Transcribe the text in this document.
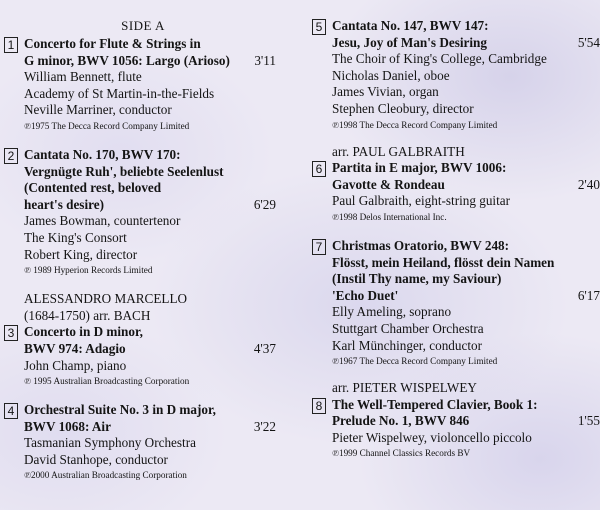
SIDE A
1 Concerto for Flute & Strings in
G minor, BWV 1056: Largo (Arioso) 3'11
William Bennett, flute
Academy of St Martin-in-the-Fields
Neville Marriner, conductor
℗1975 The Decca Record Company Limited
2 Cantata No. 170, BWV 170:
Vergnügte Ruh', beliebte Seelenlust
(Contented rest, beloved
heart's desire)	6'29
James Bowman, countertenor
The King's Consort
Robert King, director
℗ 1989 Hyperion Records Limited
ALESSANDRO MARCELLO
(1684-1750) arr. BACH
3 Concerto in D minor,
BWV 974: Adagio	4'37
John Champ, piano
℗ 1995 Australian Broadcasting Corporation
4 Orchestral Suite No. 3 in D major,
BWV 1068: Air	3'22
Tasmanian Symphony Orchestra
David Stanhope, conductor
℗2000 Australian Broadcasting Corporation
5 Cantata No. 147, BWV 147:
Jesu, Joy of Man's Desiring	5'54
The Choir of King's College, Cambridge
Nicholas Daniel, oboe
James Vivian, organ
Stephen Cleobury, director
℗1998 The Decca Record Company Limited
arr. PAUL GALBRAITH
6 Partita in E major, BWV 1006:
Gavotte & Rondeau	2'40
Paul Galbraith, eight-string guitar
℗1998 Delos International Inc.
7 Christmas Oratorio, BWV 248:
Flösst, mein Heiland, flösst dein Namen
(Instil Thy name, my Saviour)
'Echo Duet'	6'17
Elly Ameling, soprano
Stuttgart Chamber Orchestra
Karl Münchinger, conductor
℗1967 The Decca Record Company Limited
arr. PIETER WISPELWEY
8 The Well-Tempered Clavier, Book 1:
Prelude No. 1, BWV 846	1'55
Pieter Wispelwey, violoncello piccolo
℗1999 Channel Classics Records BV
